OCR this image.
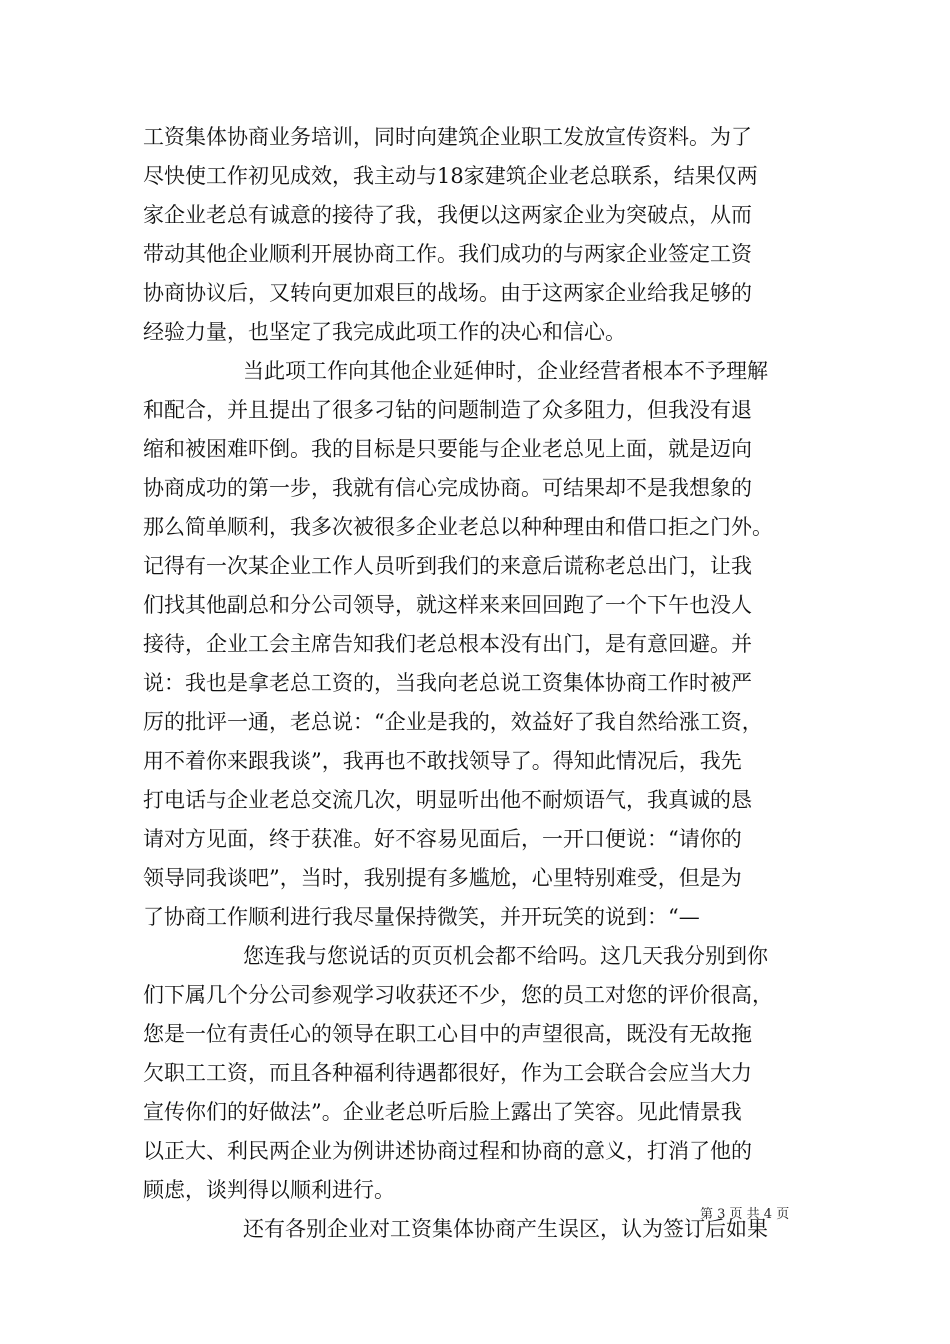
工资集体协商业务培训，同时向建筑企业职工发放宣传资料。为了
尽快使工作初见成效，我主动与18家建筑企业老总联系，结果仅两
家企业老总有诚意的接待了我，我便以这两家企业为突破点，从而
带动其他企业顺利开展协商工作。我们成功的与两家企业签定工资
协商协议后，又转向更加艰巨的战场。由于这两家企业给我足够的
经验力量，也坚定了我完成此项工作的决心和信心。
当此项工作向其他企业延伸时，企业经营者根本不予理解
和配合，并且提出了很多刁钻的问题制造了众多阻力，但我没有退
缩和被困难吓倒。我的目标是只要能与企业老总见上面，就是迈向
协商成功的第一步，我就有信心完成协商。可结果却不是我想象的
那么简单顺利，我多次被很多企业老总以种种理由和借口拒之门外。
记得有一次某企业工作人员听到我们的来意后谎称老总出门，让我
们找其他副总和分公司领导，就这样来来回回跑了一个下午也没人
接待，企业工会主席告知我们老总根本没有出门，是有意回避。并
说：我也是拿老总工资的，当我向老总说工资集体协商工作时被严
厉的批评一通，老总说：“企业是我的，效益好了我自然给涨工资，
用不着你来跟我谈”，我再也不敢找领导了。得知此情况后，我先
打电话与企业老总交流几次，明显听出他不耐烦语气，我真诚的恳
请对方见面，终于获准。好不容易见面后，一开口便说：“请你的
领导同我谈吧”，当时，我别提有多尴尬，心里特别难受，但是为
了协商工作顺利进行我尽量保持微笑，并开玩笑的说到：“—
您连我与您说话的页页机会都不给吗。这几天我分别到你
们下属几个分公司参观学习收获还不少，您的员工对您的评价很高，
您是一位有责任心的领导在职工心目中的声望很高，既没有无故拖
欠职工工资，而且各种福利待遇都很好，作为工会联合会应当大力
宣传你们的好做法”。企业老总听后脸上露出了笑容。见此情景我
以正大、利民两企业为例讲述协商过程和协商的意义，打消了他的
顾虑，谈判得以顺利进行。
还有各别企业对工资集体协商产生误区，认为签订后如果
第 3 页 共 4 页
